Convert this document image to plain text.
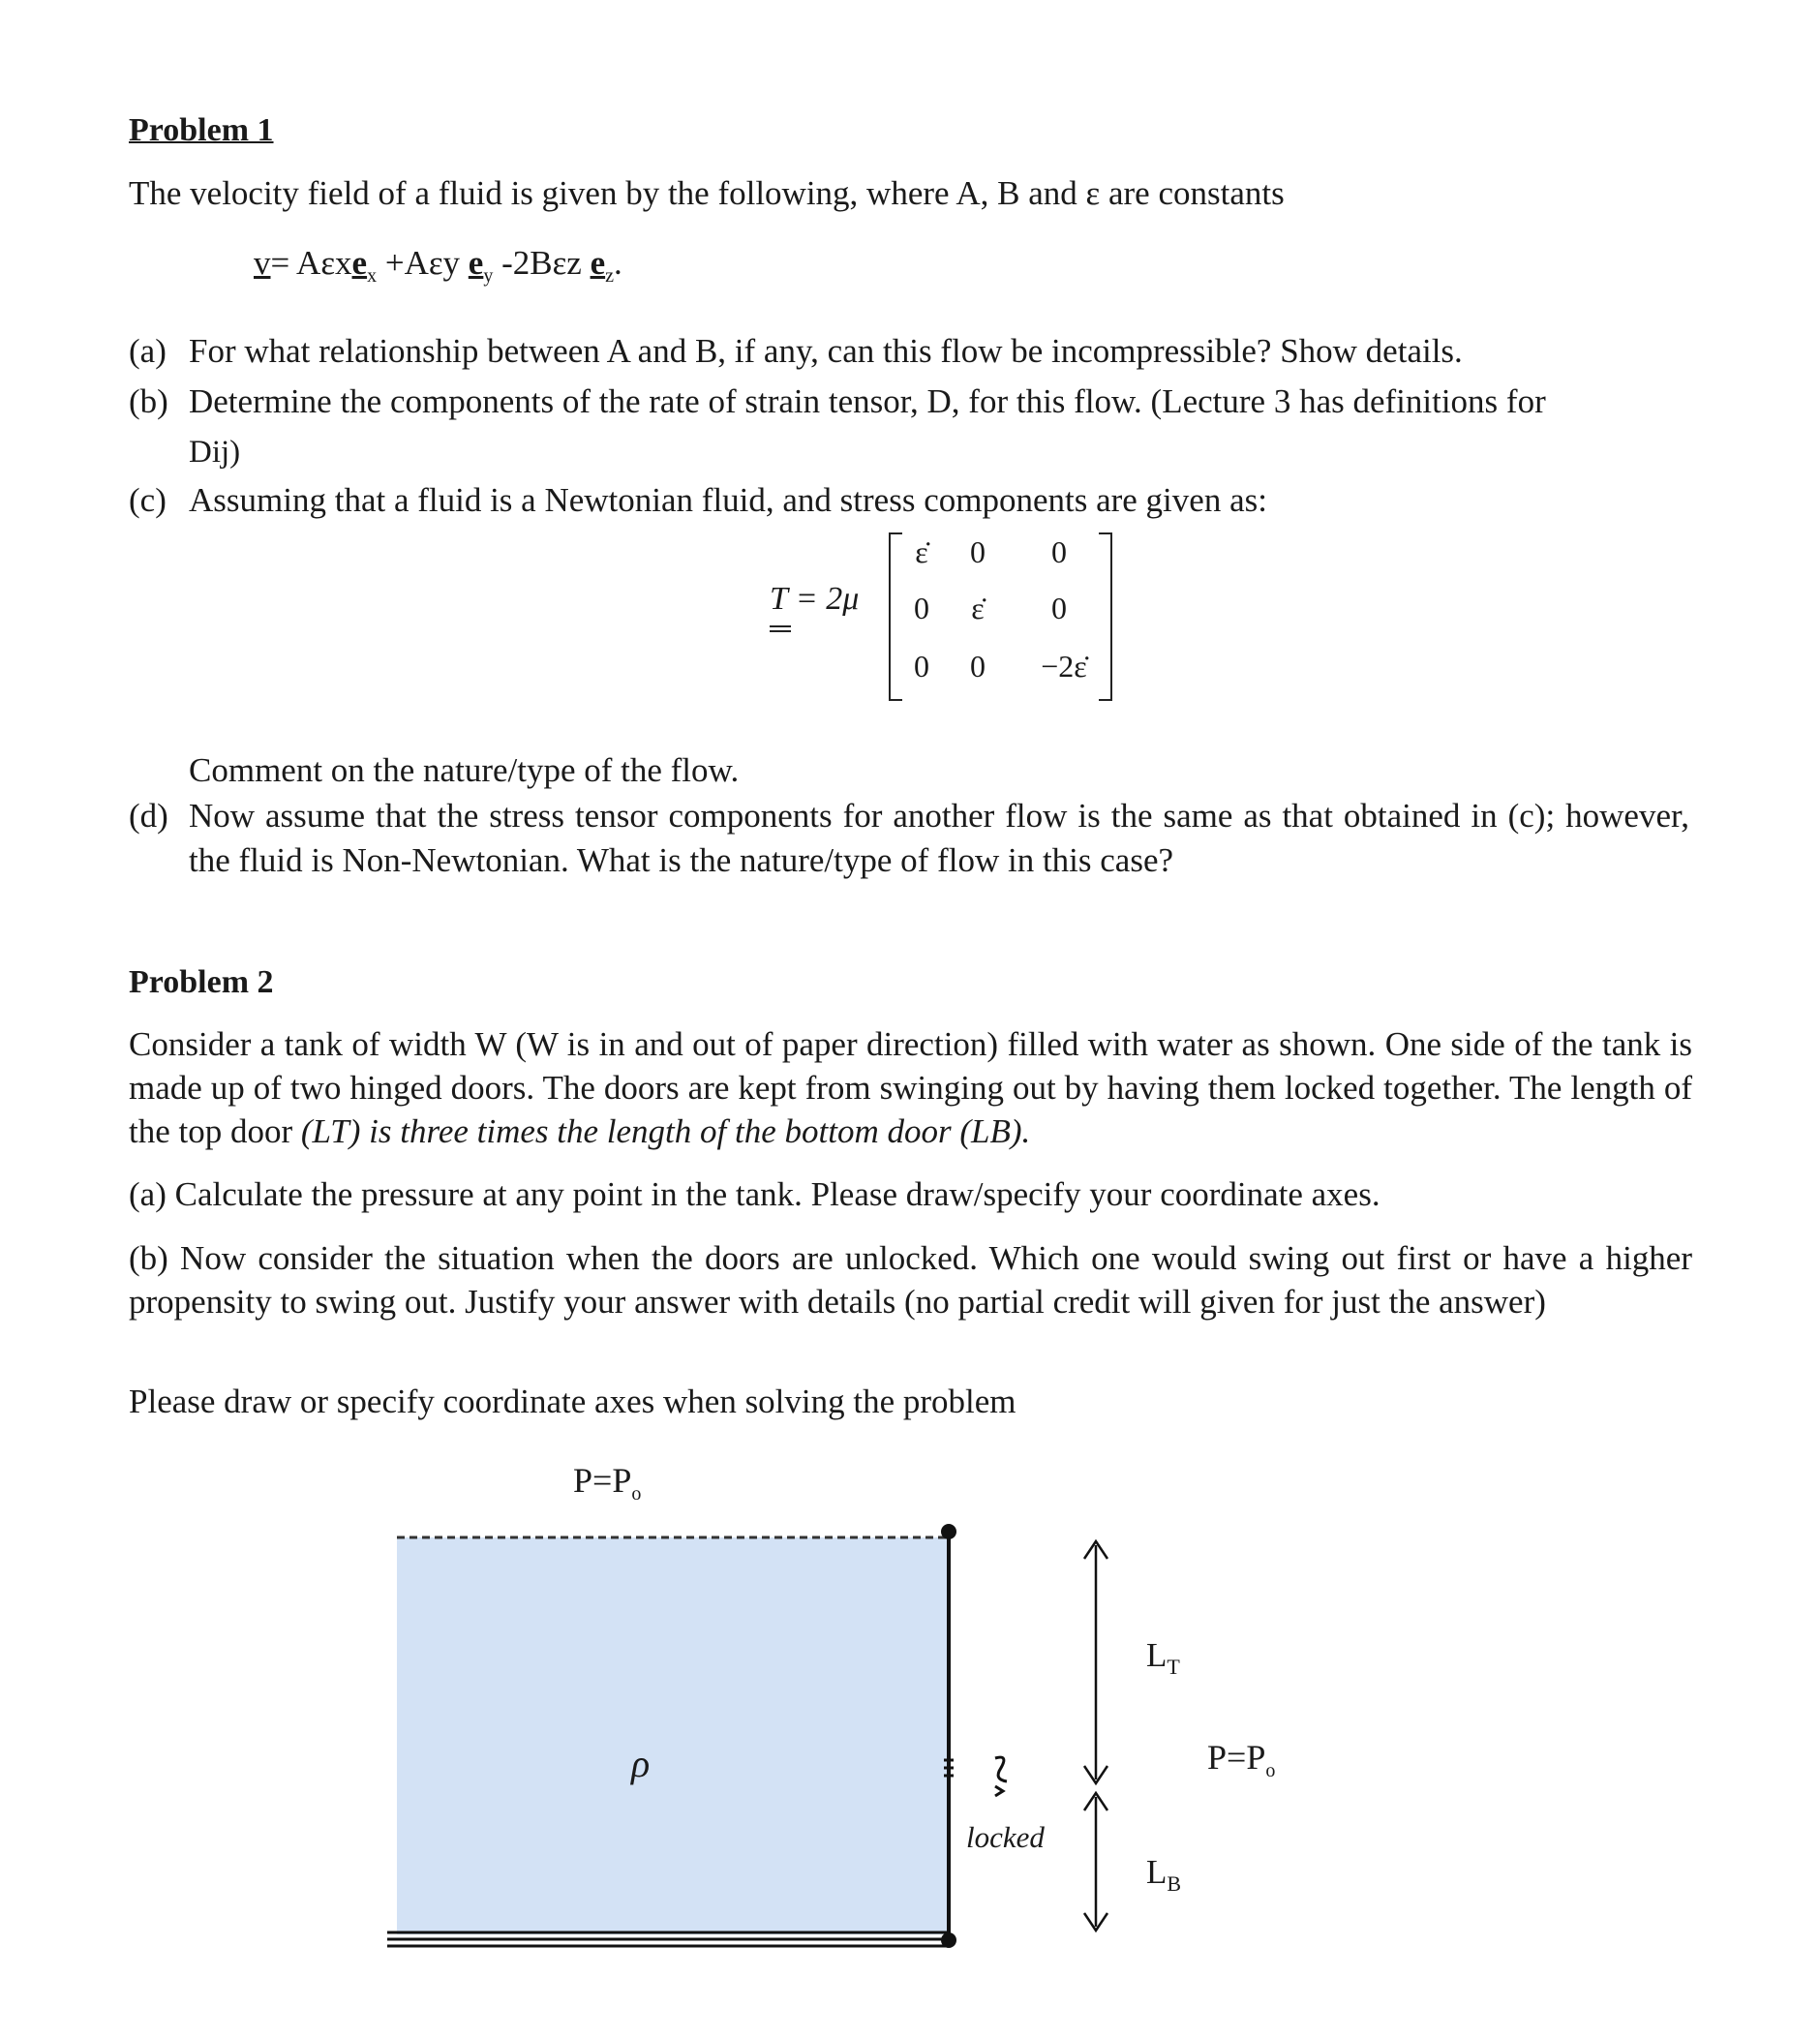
Problem 1
The velocity field of a fluid is given by the following, where A, B and ε are constants
v= Aεxe$_x$ +Aεy $e_y$ -2Bεz $e_z$.
(a) For what relationship between A and B, if any, can this flow be incompressible? Show details.
(b) Determine the components of the rate of strain tensor, D, for this flow. (Lecture 3 has definitions for
Dij)
(c) Assuming that a fluid is a Newtonian fluid, and stress components are given as:
T = 2μ
ε̇	0	0
0	ε̇	0
0	0	−2ε̇
Comment on the nature/type of the flow.
(d) Now assume that the stress tensor components for another flow is the same as that obtained in (c); however, the fluid is Non-Newtonian. What is the nature/type of flow in this case?
Problem 2
Consider a tank of width W (W is in and out of paper direction) filled with water as shown. One side of the tank is made up of two hinged doors. The doors are kept from swinging out by having them locked together. The length of the top door (LT) is three times the length of the bottom door (LB).
(a) Calculate the pressure at any point in the tank. Please draw/specify your coordinate axes.
(b) Now consider the situation when the doors are unlocked. Which one would swing out first or have a higher propensity to swing out. Justify your answer with details (no partial credit will given for just the answer)
Please draw or specify coordinate axes when solving the problem
$P=P_o$
ρ
locked
$L_T$
$L_B$
$P=P_o$
